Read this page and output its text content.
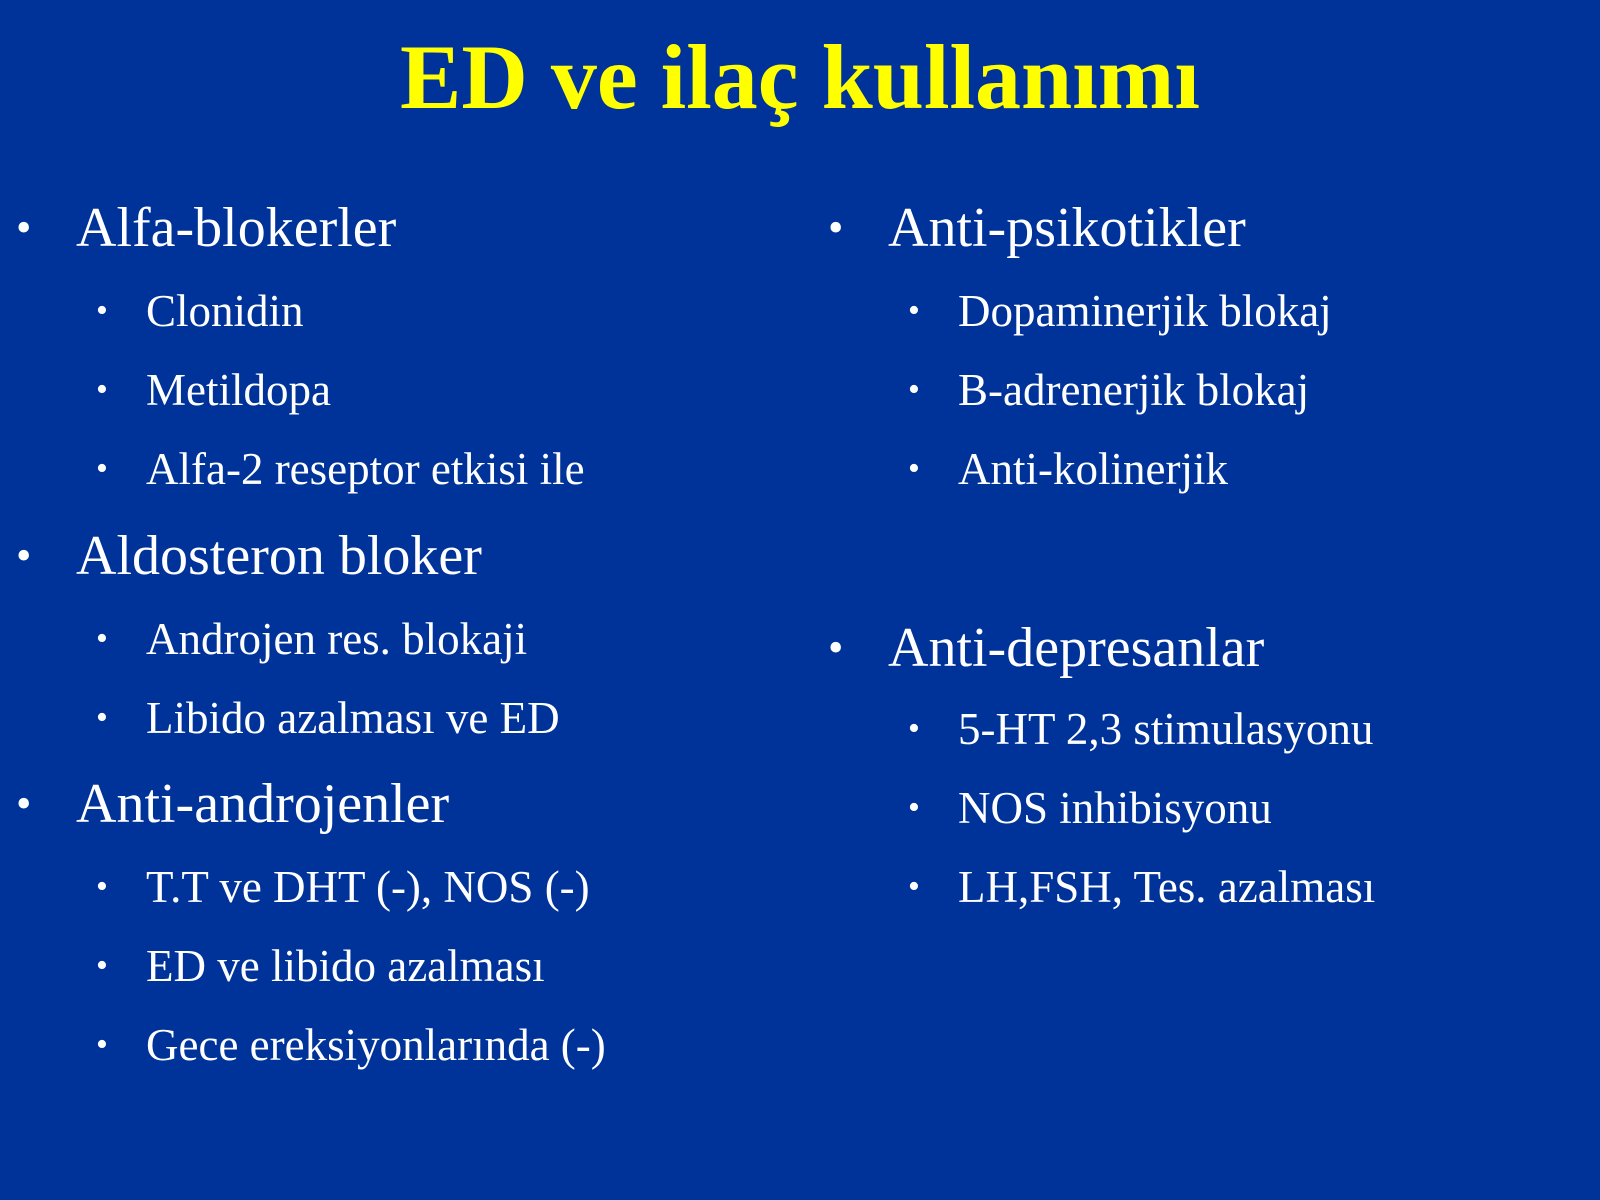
ED ve ilaç kullanımı
• Alfa-blokerler
• Clonidin
• Metildopa
• Alfa-2 reseptor etkisi ile
• Aldosteron bloker
• Androjen res. blokaji
• Libido azalması ve ED
• Anti-androjenler
• T.T ve DHT (-), NOS (-)
• ED ve libido azalması
• Gece ereksiyonlarında (-)
• Anti-psikotikler
• Dopaminerjik blokaj
• B-adrenerjik blokaj
• Anti-kolinerjik
• Anti-depresanlar
• 5-HT 2,3 stimulasyonu
• NOS inhibisyonu
• LH,FSH, Tes. azalması
